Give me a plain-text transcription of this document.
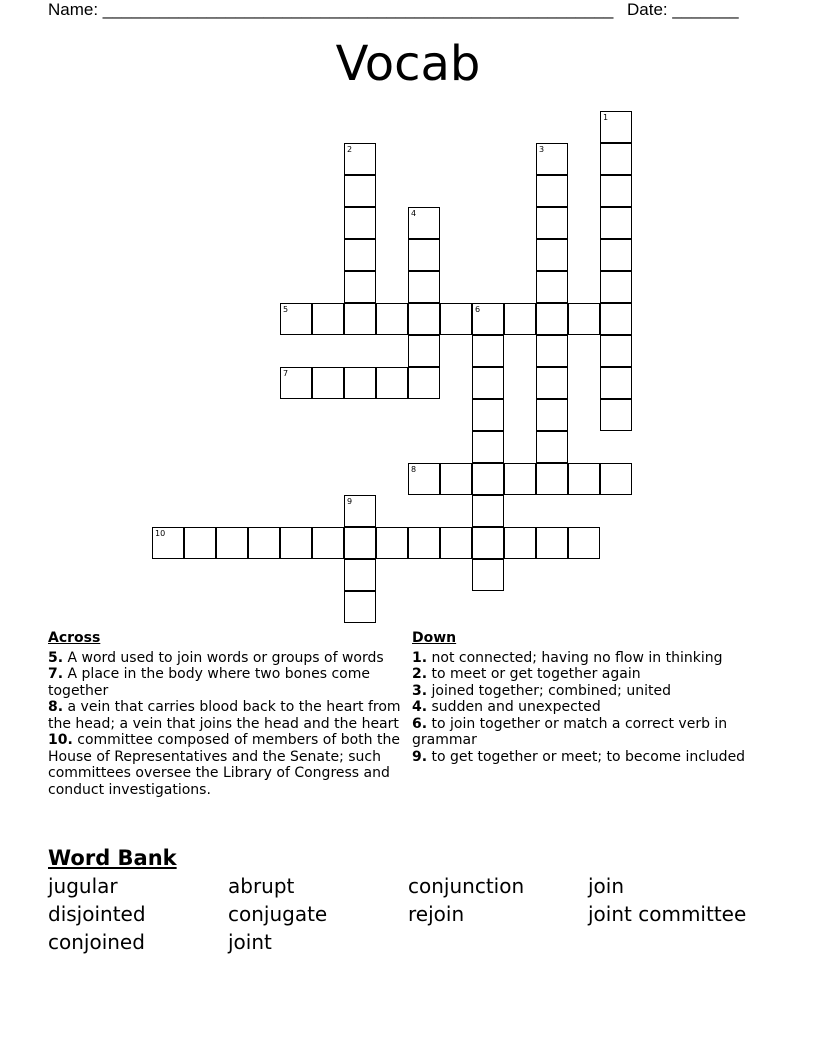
Name: ______________________________________________________ Date: _______
Vocab
1
2	3
4
5	6
7
8
9
10
Across
5. A word used to join words or groups of words
7. A place in the body where two bones come together
8. a vein that carries blood back to the heart from the head; a vein that joins the head and the heart
10. committee composed of members of both the House of Representatives and the Senate; such committees oversee the Library of Congress and conduct investigations.
Down
1. not connected; having no flow in thinking
2. to meet or get together again
3. joined together; combined; united
4. sudden and unexpected
6. to join together or match a correct verb in grammar
9. to get together or meet; to become included
Word Bank
jugular	abrupt	conjunction	join
disjointed	conjugate	rejoin	joint committee
conjoined	joint
